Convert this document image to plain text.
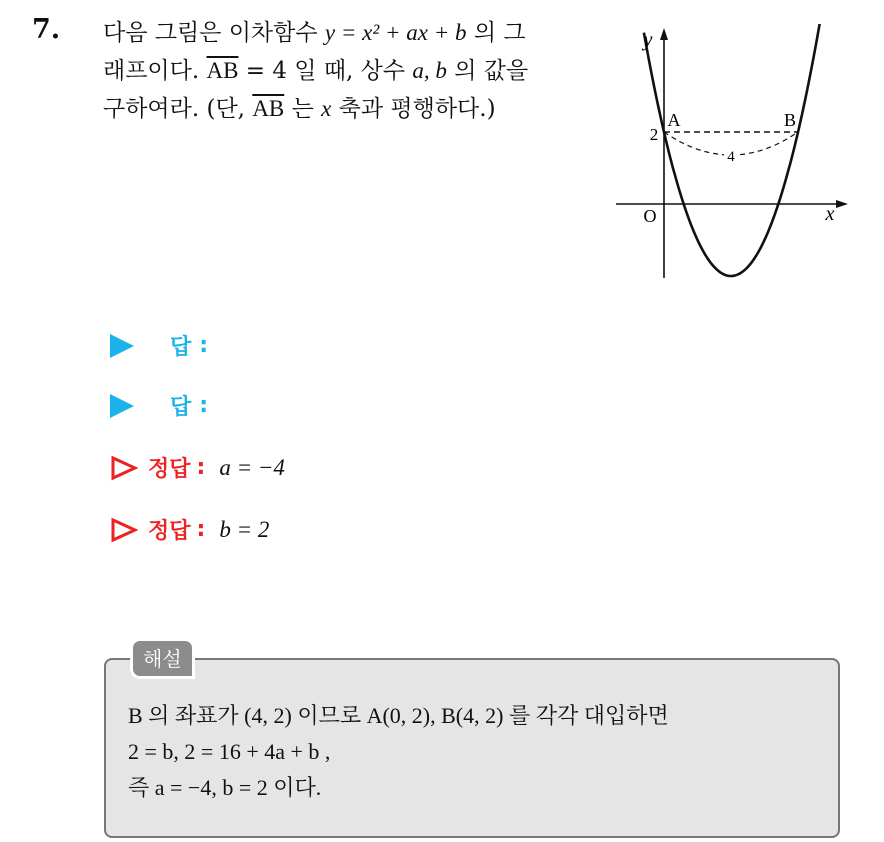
7. 다음 그림은 이차함수 y = x² + ax + b 의 그
래프이다. $\overline{AB} = 4$ 일 때, 상수 a, b 의 값을
구하여라. (단, $\overline{AB}$ 는 x 축과 평행하다.)
y
x
O
A	B
2
4
답 :
답 :
정답 : a = −4
정답 : b = 2
해설
B 의 좌표가 (4, 2) 이므로 A(0, 2), B(4, 2) 를 각각 대입하면
2 = b, 2 = 16 + 4a + b ,
즉 a = −4, b = 2 이다.
